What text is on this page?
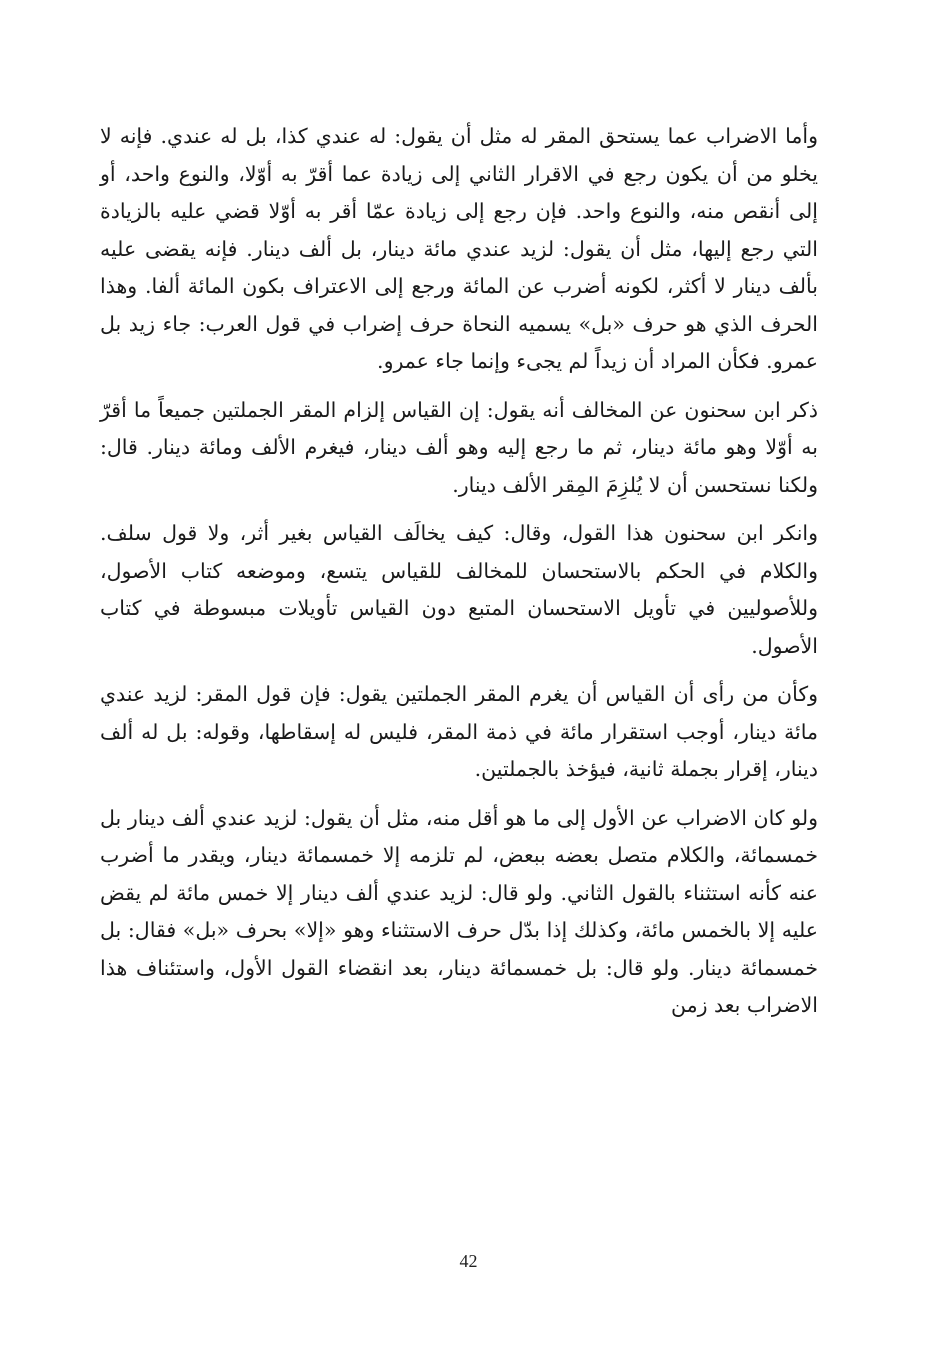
وأما الاضراب عما يستحق المقر له مثل أن يقول: له عندي كذا، بل له عندي. فإنه لا يخلو من أن يكون رجع في الاقرار الثاني إلى زيادة عما أقرّ به أوّلا، والنوع واحد، أو إلى أنقص منه، والنوع واحد. فإن رجع إلى زيادة عمّا أقر به أوّلا قضي عليه بالزيادة التي رجع إليها، مثل أن يقول: لزيد عندي مائة دينار، بل ألف دينار. فإنه يقضى عليه بألف دينار لا أكثر، لكونه أضرب عن المائة ورجع إلى الاعتراف بكون المائة ألفا. وهذا الحرف الذي هو حرف «بل» يسميه النحاة حرف إضراب في قول العرب: جاء زيد بل عمرو. فكأن المراد أن زيداً لم يجىء وإنما جاء عمرو.

ذكر ابن سحنون عن المخالف أنه يقول: إن القياس إلزام المقر الجملتين جميعاً ما أقرّ به أوّلا وهو مائة دينار، ثم ما رجع إليه وهو ألف دينار، فيغرم الألف ومائة دينار. قال: ولكنا نستحسن أن لا يُلزِمَ المِقر الألف دينار.

وانكر ابن سحنون هذا القول، وقال: كيف يخالَف القياس بغير أثر، ولا قول سلف. والكلام في الحكم بالاستحسان للمخالف للقياس يتسع، وموضعه كتاب الأصول، وللأصوليين في تأويل الاستحسان المتبع دون القياس تأويلات مبسوطة في كتاب الأصول.

وكأن من رأى أن القياس أن يغرم المقر الجملتين يقول: فإن قول المقر: لزيد عندي مائة دينار، أوجب استقرار مائة في ذمة المقر، فليس له إسقاطها، وقوله: بل له ألف دينار، إقرار بجملة ثانية، فيؤخذ بالجملتين.

ولو كان الاضراب عن الأول إلى ما هو أقل منه، مثل أن يقول: لزيد عندي ألف دينار بل خمسمائة، والكلام متصل بعضه ببعض، لم تلزمه إلا خمسمائة دينار، ويقدر ما أضرب عنه كأنه استثناء بالقول الثاني. ولو قال: لزيد عندي ألف دينار إلا خمس مائة لم يقض عليه إلا بالخمس مائة، وكذلك إذا بدّل حرف الاستثناء وهو «إلا» بحرف «بل» فقال: بل خمسمائة دينار. ولو قال: بل خمسمائة دينار، بعد انقضاء القول الأول، واستئناف هذا الاضراب بعد زمن

42
